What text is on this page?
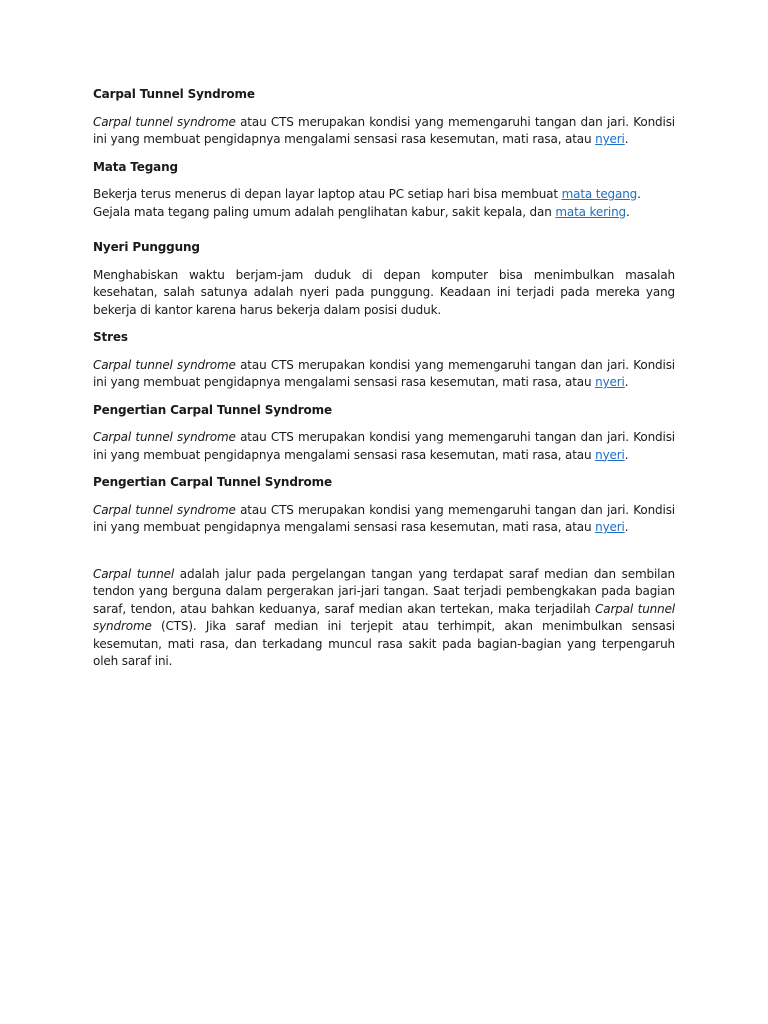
Carpal Tunnel Syndrome

Carpal tunnel syndrome atau CTS merupakan kondisi yang memengaruhi tangan dan jari. Kondisi ini yang membuat pengidapnya mengalami sensasi rasa kesemutan, mati rasa, atau nyeri.

Mata Tegang

Bekerja terus menerus di depan layar laptop atau PC setiap hari bisa membuat mata tegang.
Gejala mata tegang paling umum adalah penglihatan kabur, sakit kepala, dan mata kering.

Nyeri Punggung

Menghabiskan waktu berjam-jam duduk di depan komputer bisa menimbulkan masalah kesehatan, salah satunya adalah nyeri pada punggung. Keadaan ini terjadi pada mereka yang bekerja di kantor karena harus bekerja dalam posisi duduk.

Stres

Carpal tunnel syndrome atau CTS merupakan kondisi yang memengaruhi tangan dan jari. Kondisi ini yang membuat pengidapnya mengalami sensasi rasa kesemutan, mati rasa, atau nyeri.

Pengertian Carpal Tunnel Syndrome

Carpal tunnel syndrome atau CTS merupakan kondisi yang memengaruhi tangan dan jari. Kondisi ini yang membuat pengidapnya mengalami sensasi rasa kesemutan, mati rasa, atau nyeri.

Pengertian Carpal Tunnel Syndrome

Carpal tunnel syndrome atau CTS merupakan kondisi yang memengaruhi tangan dan jari. Kondisi ini yang membuat pengidapnya mengalami sensasi rasa kesemutan, mati rasa, atau nyeri.

Carpal tunnel adalah jalur pada pergelangan tangan yang terdapat saraf median dan sembilan tendon yang berguna dalam pergerakan jari-jari tangan. Saat terjadi pembengkakan pada bagian saraf, tendon, atau bahkan keduanya, saraf median akan tertekan, maka terjadilah Carpal tunnel syndrome (CTS). Jika saraf median ini terjepit atau terhimpit, akan menimbulkan sensasi kesemutan, mati rasa, dan terkadang muncul rasa sakit pada bagian-bagian yang terpengaruh oleh saraf ini.
